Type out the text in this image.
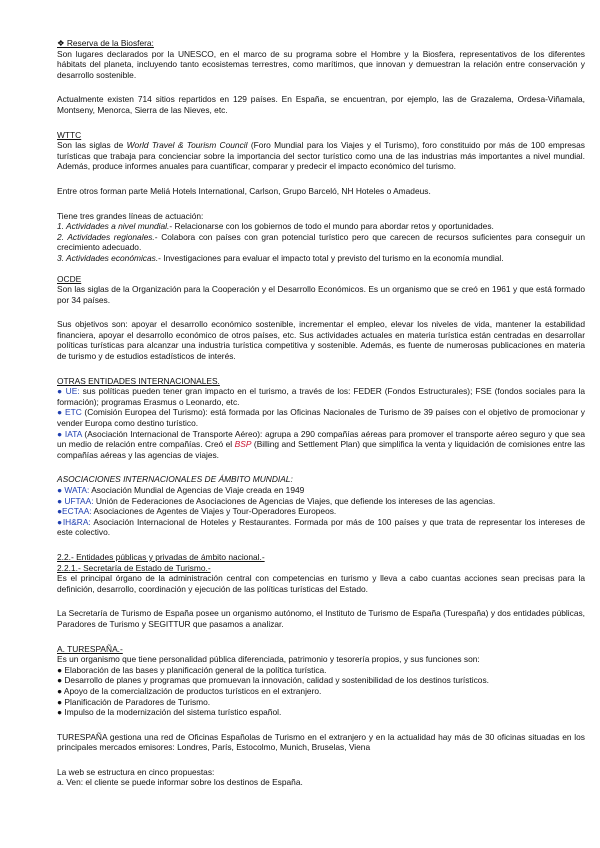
❖ Reserva de la Biosfera:

Son lugares declarados por la UNESCO, en el marco de su programa sobre el Hombre y la Biosfera, representativos de los diferentes hábitats del planeta, incluyendo tanto ecosistemas terrestres, como marítimos, que innovan y demuestran la relación entre conservación y desarrollo sostenible.

Actualmente existen 714 sitios repartidos en 129 países. En España, se encuentran, por ejemplo, las de Grazalema, Ordesa-Viñamala, Montseny, Menorca, Sierra de las Nieves, etc.

WTTC

Son las siglas de World Travel & Tourism Council (Foro Mundial para los Viajes y el Turismo), foro constituido por más de 100 empresas turísticas que trabaja para concienciar sobre la importancia del sector turístico como una de las industrias más importantes a nivel mundial. Además, produce informes anuales para cuantificar, comparar y predecir el impacto económico del turismo.

Entre otros forman parte Meliá Hotels International, Carlson, Grupo Barceló, NH Hoteles o Amadeus.

Tiene tres grandes líneas de actuación:

1. Actividades a nivel mundial.- Relacionarse con los gobiernos de todo el mundo para abordar retos y oportunidades.

2. Actividades regionales.- Colabora con países con gran potencial turístico pero que carecen de recursos suficientes para conseguir un crecimiento adecuado.

3. Actividades económicas.- Investigaciones para evaluar el impacto total y previsto del turismo en la economía mundial.

OCDE

Son las siglas de la Organización para la Cooperación y el Desarrollo Económicos. Es un organismo que se creó en 1961 y que está formado por 34 países.

Sus objetivos son: apoyar el desarrollo económico sostenible, incrementar el empleo, elevar los niveles de vida, mantener la estabilidad financiera, apoyar el desarrollo económico de otros países, etc. Sus actividades actuales en materia turística están centradas en desarrollar políticas turísticas para alcanzar una industria turística competitiva y sostenible. Además, es fuente de numerosas publicaciones en materia de turismo y de estudios estadísticos de interés.

OTRAS ENTIDADES INTERNACIONALES.

● UE: sus políticas pueden tener gran impacto en el turismo, a través de los: FEDER (Fondos Estructurales); FSE (fondos sociales para la formación); programas Erasmus o Leonardo, etc.

● ETC (Comisión Europea del Turismo): está formada por las Oficinas Nacionales de Turismo de 39 países con el objetivo de promocionar y vender Europa como destino turístico.

● IATA (Asociación Internacional de Transporte Aéreo): agrupa a 290 compañías aéreas para promover el transporte aéreo seguro y que sea un medio de relación entre compañías. Creó el BSP (Billing and Settlement Plan) que simplifica la venta y liquidación de comisiones entre las compañías aéreas y las agencias de viajes.

ASOCIACIONES INTERNACIONALES DE ÁMBITO MUNDIAL:

● WATA: Asociación Mundial de Agencias de Viaje creada en 1949

● UFTAA: Unión de Federaciones de Asociaciones de Agencias de Viajes, que defiende los intereses de las agencias.

●ECTAA: Asociaciones de Agentes de Viajes y Tour-Operadores Europeos.

●IH&RA: Asociación Internacional de Hoteles y Restaurantes. Formada por más de 100 países y que trata de representar los intereses de este colectivo.

2.2.- Entidades públicas y privadas de ámbito nacional.-

2.2.1.- Secretaría de Estado de Turismo.-

Es el principal órgano de la administración central con competencias en turismo y lleva a cabo cuantas acciones sean precisas para la definición, desarrollo, coordinación y ejecución de las políticas turísticas del Estado.

La Secretaría de Turismo de España posee un organismo autónomo, el Instituto de Turismo de España (Turespaña) y dos entidades públicas, Paradores de Turismo y SEGITTUR que pasamos a analizar.

A. TURESPAÑA.-

Es un organismo que tiene personalidad pública diferenciada, patrimonio y tesorería propios, y sus funciones son:

● Elaboración de las bases y planificación general de la política turística.

● Desarrollo de planes y programas que promuevan la innovación, calidad y sostenibilidad de los destinos turísticos.

● Apoyo de la comercialización de productos turísticos en el extranjero.

● Planificación de Paradores de Turismo.

● Impulso de la modernización del sistema turístico español.

TURESPAÑA gestiona una red de Oficinas Españolas de Turismo en el extranjero y en la actualidad hay más de 30 oficinas situadas en los principales mercados emisores: Londres, París, Estocolmo, Munich, Bruselas, Viena

La web se estructura en cinco propuestas:

a. Ven: el cliente se puede informar sobre los destinos de España.
